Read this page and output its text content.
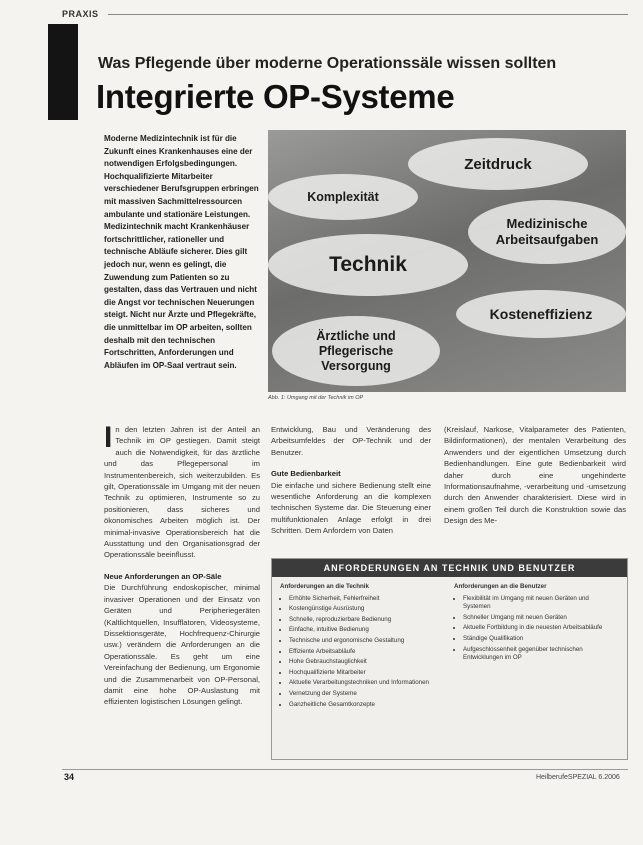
PRAXIS
Was Pflegende über moderne Operationssäle wissen sollten
Integrierte OP-Systeme

Moderne Medizintechnik ist für die Zukunft eines Krankenhauses eine der notwendigen Erfolgsbedingungen. Hochqualifizierte Mitarbeiter verschiedener Berufsgruppen erbringen mit massiven Sachmittelressourcen ambulante und stationäre Leistungen. Medizintechnik macht Krankenhäuser fortschrittlicher, rationeller und technische Abläufe sicherer. Dies gilt jedoch nur, wenn es gelingt, die Zuwendung zum Patienten so zu gestalten, dass das Vertrauen und nicht die Angst vor technischen Neuerungen steigt. Nicht nur Ärzte und Pflegekräfte, die unmittelbar im OP arbeiten, sollten deshalb mit den technischen Fortschritten, Anforderungen und Abläufen im OP-Saal vertraut sein.

Zeitdruck
Komplexität
Medizinische Arbeitsaufgaben
Technik
Kosteneffizienz
Ärztliche und Pflegerische Versorgung
Abb. 1: Umgang mit der Technik im OP
In den letzten Jahren ist der Anteil an Technik im OP gestiegen. Damit steigt auch die Notwendigkeit, für das ärztliche und das Pflegepersonal im Instrumentenbereich, sich weiterzubilden. Es gilt, Operationssäle im Umgang mit der neuen Technik zu optimieren, Instrumente so zu positionieren, dass sicheres und ökonomisches Arbeiten möglich ist. Der minimal-invasive Operationsbereich hat die Ausstattung und den Organisationsgrad der Operationssäle beeinflusst.

Neue Anforderungen an OP-Säle

Die Durchführung endoskopischer, minimal invasiver Operationen und der Einsatz von Geräten und Peripheriegeräten (Kaltlichtquellen, Insufflatoren, Videosysteme, Dissektionsgeräte, Hochfrequenz-Chirurgie usw.) verändern die Anforderungen an die Operationssäle. Es geht um eine Vereinfachung der Bedienung, um Ergonomie und die Zusammenarbeit von OP-Personal, damit eine hohe OP-Auslastung mit effizienten logistischen Lösungen gelingt.

Entwicklung, Bau und Veränderung des Arbeitsumfeldes der OP-Technik und der Benutzer.

Gute Bedienbarkeit

Die einfache und sichere Bedienung stellt eine wesentliche Anforderung an die komplexen technischen Systeme dar. Die Steuerung einer multifunktionalen Anlage erfolgt in drei Schritten. Dem Anfordern von Daten

(Kreislauf, Narkose, Vitalparameter des Patienten, Bildinformationen), der mentalen Verarbeitung des Anwenders und der eigentlichen Umsetzung durch Bedienhandlungen. Eine gute Bedienbarkeit wird daher durch eine ungehinderte Informationsaufnahme, -verarbeitung und -umsetzung durch den Anwender charakterisiert. Diese wird in einem großen Teil durch die Konstruktion sowie das Design des Me-

ANFORDERUNGEN AN TECHNIK UND BENUTZER
Anforderungen an die Technik
• Erhöhte Sicherheit, Fehlerfreiheit
• Kostengünstige Ausrüstung
• Schnelle, reproduzierbare Bedienung
• Einfache, intuitive Bedienung
• Technische und ergonomische Gestaltung
• Effiziente Arbeitsabläufe
• Hohe Gebrauchstauglichkeit
• Hochqualifizierte Mitarbeiter
• Aktuelle Verarbeitungstechniken und Informationen
• Vernetzung der Systeme
• Ganzheitliche Gesamtkonzepte
Anforderungen an die Benutzer
• Flexibilität im Umgang mit neuen Geräten und Systemen
• Schneller Umgang mit neuen Geräten
• Aktuelle Fortbildung in die neuesten Arbeitsabläufe
• Ständige Qualifikation
• Aufgeschlossenheit gegenüber technischen Entwicklungen im OP
34	HeilberufeSPEZIAL 6.2006
